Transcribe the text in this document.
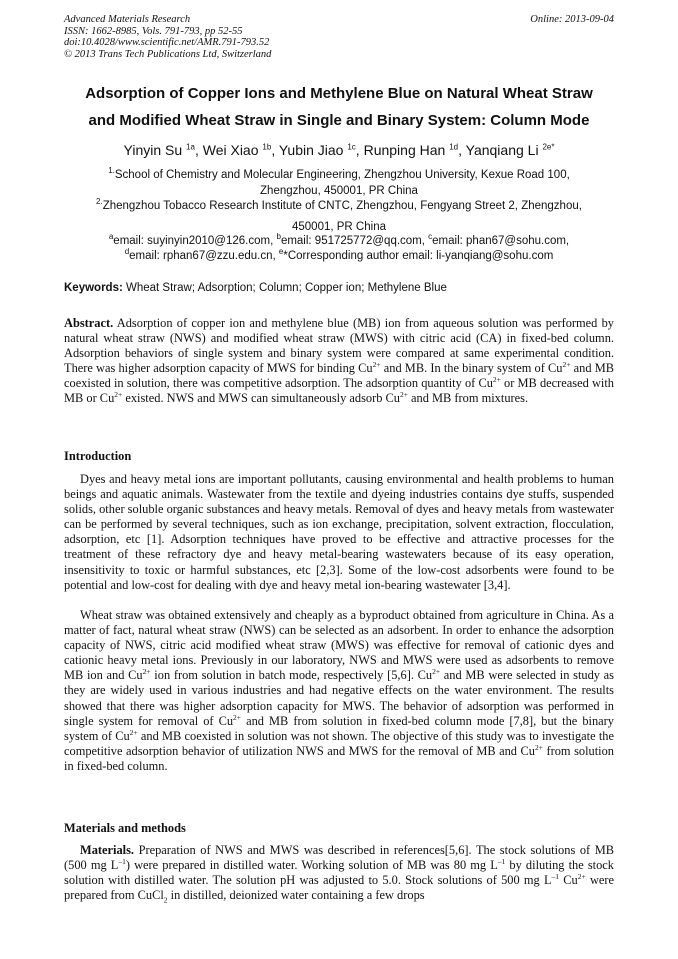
Advanced Materials Research
ISSN: 1662-8985, Vols. 791-793, pp 52-55
doi:10.4028/www.scientific.net/AMR.791-793.52
© 2013 Trans Tech Publications Ltd, Switzerland
Online: 2013-09-04
Adsorption of Copper Ions and Methylene Blue on Natural Wheat Straw
and Modified Wheat Straw in Single and Binary System: Column Mode
Yinyin Su $^{1a}$, Wei Xiao $^{1b}$, Yubin Jiao $^{1c}$, Runping Han $^{1d}$, Yanqiang Li $^{2e*}$
$^{1.}$School of Chemistry and Molecular Engineering, Zhengzhou University, Kexue Road 100,
Zhengzhou, 450001, PR China
$^{2.}$Zhengzhou Tobacco Research Institute of CNTC, Zhengzhou, Fengyang Street 2, Zhengzhou,
450001, PR China
$^a$email: suyinyin2010@126.com, $^b$email: 951725772@qq.com, $^c$email: phan67@sohu.com,
$^d$email: rphan67@zzu.edu.cn, $^e$*Corresponding author email: li-yanqiang@sohu.com
Keywords: Wheat Straw; Adsorption; Column; Copper ion; Methylene Blue
Abstract. Adsorption of copper ion and methylene blue (MB) ion from aqueous solution was performed by natural wheat straw (NWS) and modified wheat straw (MWS) with citric acid (CA) in fixed-bed column. Adsorption behaviors of single system and binary system were compared at same experimental condition. There was higher adsorption capacity of MWS for binding $Cu^{2+}$ and MB. In the binary system of $Cu^{2+}$ and MB coexisted in solution, there was competitive adsorption. The adsorption quantity of $Cu^{2+}$ or MB decreased with MB or $Cu^{2+}$ existed. NWS and MWS can simultaneously adsorb $Cu^{2+}$ and MB from mixtures.
Introduction
Dyes and heavy metal ions are important pollutants, causing environmental and health problems to human beings and aquatic animals. Wastewater from the textile and dyeing industries contains dye stuffs, suspended solids, other soluble organic substances and heavy metals. Removal of dyes and heavy metals from wastewater can be performed by several techniques, such as ion exchange, precipitation, solvent extraction, flocculation, adsorption, etc [1]. Adsorption techniques have proved to be effective and attractive processes for the treatment of these refractory dye and heavy metal-bearing wastewaters because of its easy operation, insensitivity to toxic or harmful substances, etc [2,3]. Some of the low-cost adsorbents were found to be potential and low-cost for dealing with dye and heavy metal ion-bearing wastewater [3,4].
Wheat straw was obtained extensively and cheaply as a byproduct obtained from agriculture in China. As a matter of fact, natural wheat straw (NWS) can be selected as an adsorbent. In order to enhance the adsorption capacity of NWS, citric acid modified wheat straw (MWS) was effective for removal of cationic dyes and cationic heavy metal ions. Previously in our laboratory, NWS and MWS were used as adsorbents to remove MB ion and $Cu^{2+}$ ion from solution in batch mode, respectively [5,6]. $Cu^{2+}$ and MB were selected in study as they are widely used in various industries and had negative effects on the water environment. The results showed that there was higher adsorption capacity for MWS. The behavior of adsorption was performed in single system for removal of $Cu^{2+}$ and MB from solution in fixed-bed column mode [7,8], but the binary system of $Cu^{2+}$ and MB coexisted in solution was not shown. The objective of this study was to investigate the competitive adsorption behavior of utilization NWS and MWS for the removal of MB and $Cu^{2+}$ from solution in fixed-bed column.
Materials and methods
Materials. Preparation of NWS and MWS was described in references[5,6]. The stock solutions of MB (500 mg $L^{-1}$) were prepared in distilled water. Working solution of MB was 80 mg $L^{-1}$ by diluting the stock solution with distilled water. The solution pH was adjusted to 5.0. Stock solutions of 500 mg $L^{-1}$ $Cu^{2+}$ were prepared from CuCl$_2$ in distilled, deionized water containing a few drops
